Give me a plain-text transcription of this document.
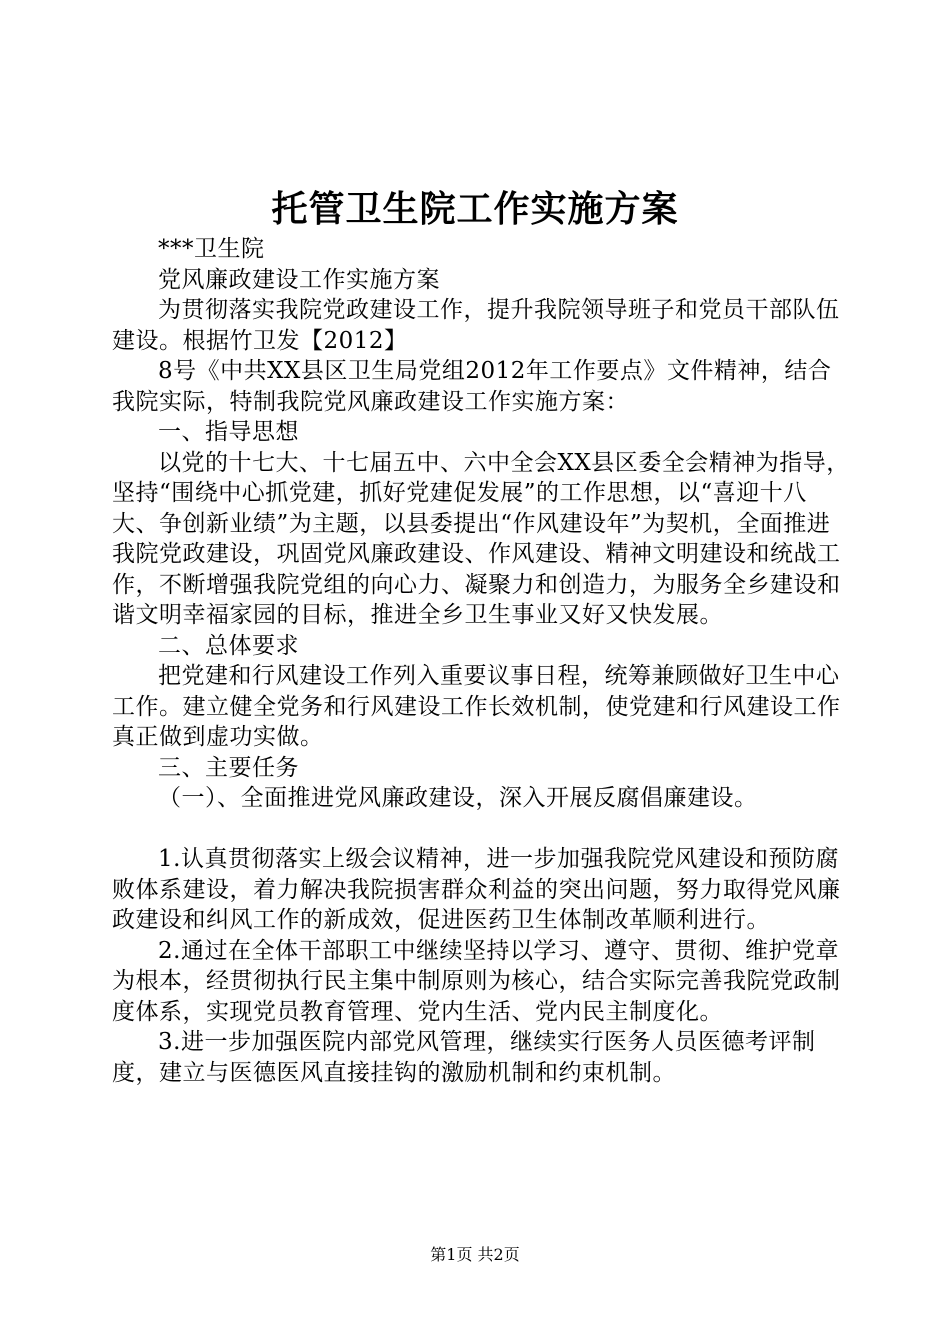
托管卫生院工作实施方案

***卫生院

党风廉政建设工作实施方案

为贯彻落实我院党政建设工作，提升我院领导班子和党员干部队伍建设。根据竹卫发【2012】

8号《中共XX县区卫生局党组2012年工作要点》文件精神，结合我院实际，特制我院党风廉政建设工作实施方案：

一、指导思想

以党的十七大、十七届五中、六中全会XX县区委全会精神为指导，坚持“围绕中心抓党建，抓好党建促发展”的工作思想，以“喜迎十八大、争创新业绩”为主题，以县委提出“作风建设年”为契机，全面推进我院党政建设，巩固党风廉政建设、作风建设、精神文明建设和统战工作，不断增强我院党组的向心力、凝聚力和创造力，为服务全乡建设和谐文明幸福家园的目标，推进全乡卫生事业又好又快发展。

二、总体要求

把党建和行风建设工作列入重要议事日程，统筹兼顾做好卫生中心工作。建立健全党务和行风建设工作长效机制，使党建和行风建设工作真正做到虚功实做。

三、主要任务

（一）、全面推进党风廉政建设，深入开展反腐倡廉建设。

1.认真贯彻落实上级会议精神，进一步加强我院党风建设和预防腐败体系建设，着力解决我院损害群众利益的突出问题，努力取得党风廉政建设和纠风工作的新成效，促进医药卫生体制改革顺利进行。

2.通过在全体干部职工中继续坚持以学习、遵守、贯彻、维护党章为根本，经贯彻执行民主集中制原则为核心，结合实际完善我院党政制度体系，实现党员教育管理、党内生活、党内民主制度化。

3.进一步加强医院内部党风管理，继续实行医务人员医德考评制度，建立与医德医风直接挂钩的激励机制和约束机制。

第1页 共2页
